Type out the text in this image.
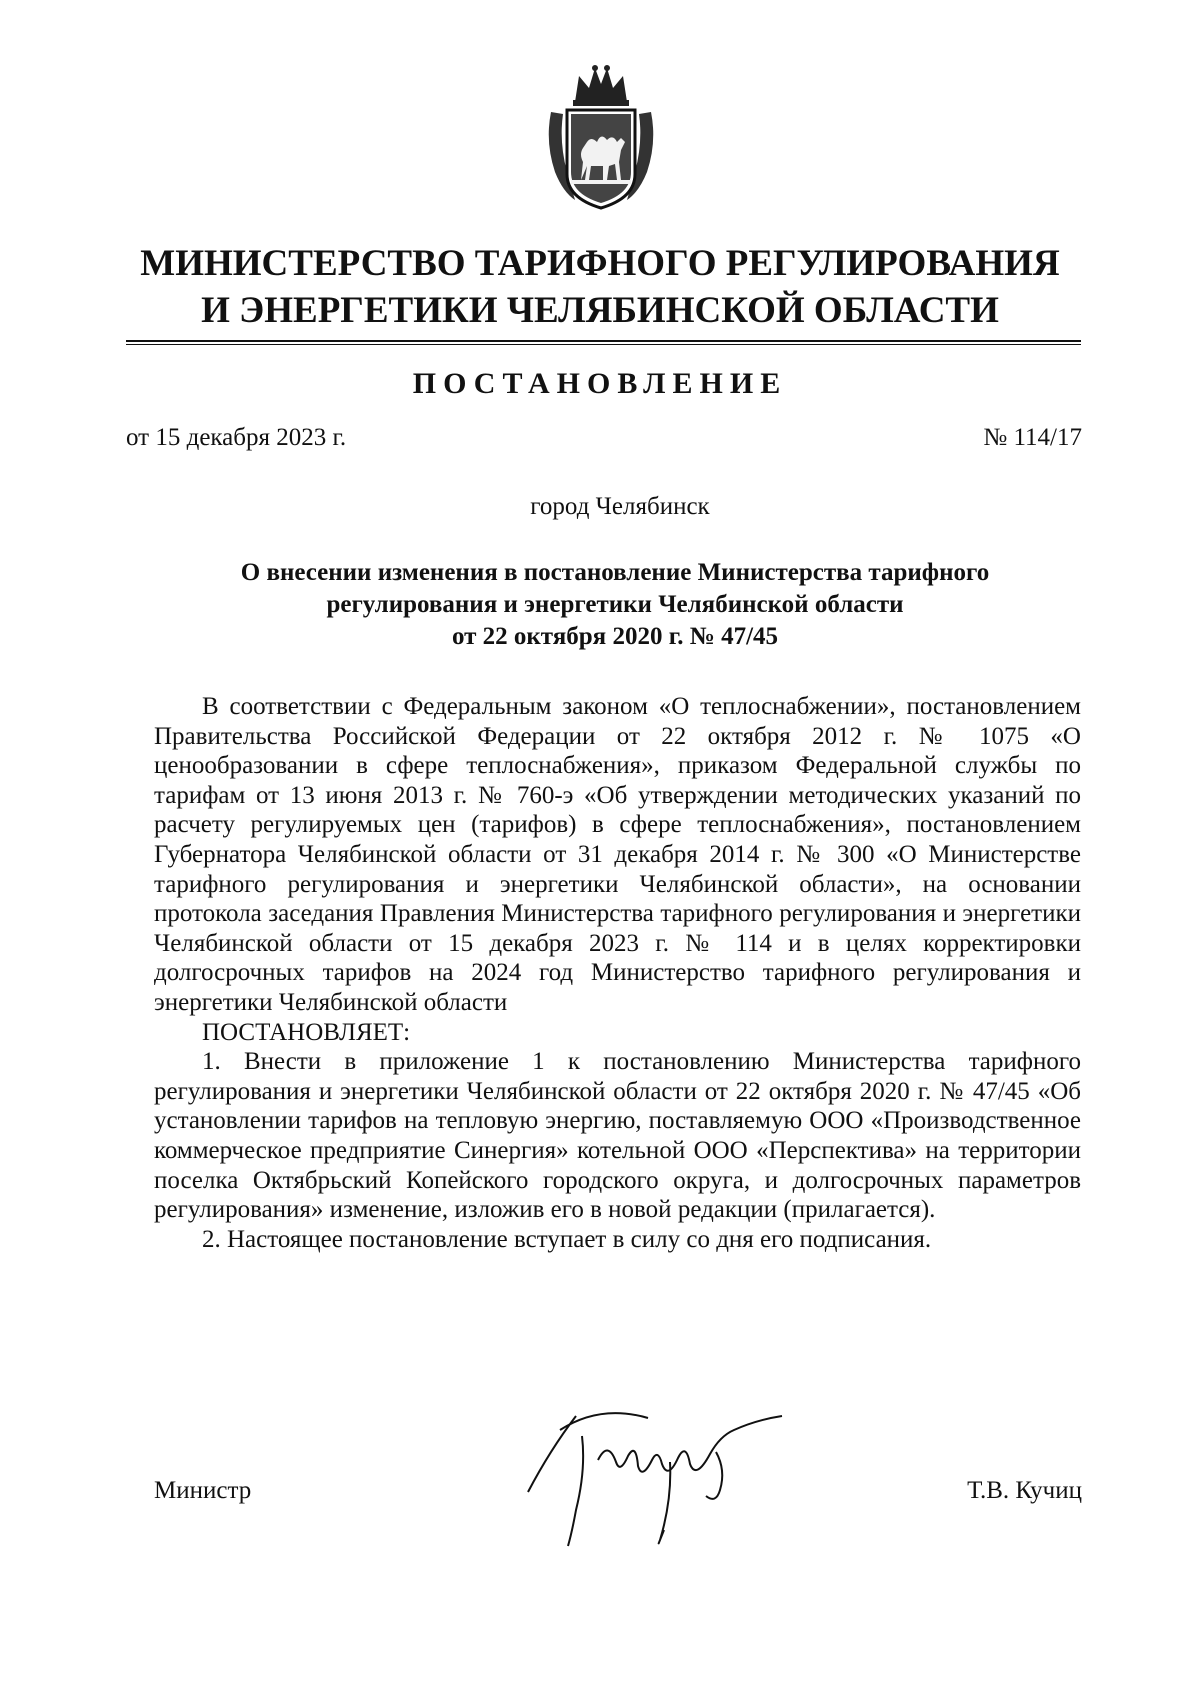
МИНИСТЕРСТВО ТАРИФНОГО РЕГУЛИРОВАНИЯ
И ЭНЕРГЕТИКИ ЧЕЛЯБИНСКОЙ ОБЛАСТИ
ПОСТАНОВЛЕНИЕ
от 15 декабря 2023 г.	№ 114/17
город Челябинск
О внесении изменения в постановление Министерства тарифного
регулирования и энергетики Челябинской области
от 22 октября 2020 г. № 47/45

В соответствии с Федеральным законом «О теплоснабжении», постановлением Правительства Российской Федерации от 22 октября 2012 г. № 1075 «О ценообразовании в сфере теплоснабжения», приказом Федеральной службы по тарифам от 13 июня 2013 г. № 760-э «Об утверждении методических указаний по расчету регулируемых цен (тарифов) в сфере теплоснабжения», постановлением Губернатора Челябинской области от 31 декабря 2014 г. № 300 «О Министерстве тарифного регулирования и энергетики Челябинской области», на основании протокола заседания Правления Министерства тарифного регулирования и энергетики Челябинской области от 15 декабря 2023 г. № 114 и в целях корректировки долгосрочных тарифов на 2024 год Министерство тарифного регулирования и энергетики Челябинской области

ПОСТАНОВЛЯЕТ:

1. Внести в приложение 1 к постановлению Министерства тарифного регулирования и энергетики Челябинской области от 22 октября 2020 г. № 47/45 «Об установлении тарифов на тепловую энергию, поставляемую ООО «Производственное коммерческое предприятие Синергия» котельной ООО «Перспектива» на территории поселка Октябрьский Копейского городского округа, и долгосрочных параметров регулирования» изменение, изложив его в новой редакции (прилагается).

2. Настоящее постановление вступает в силу со дня его подписания.

Министр	Т.В. Кучиц
